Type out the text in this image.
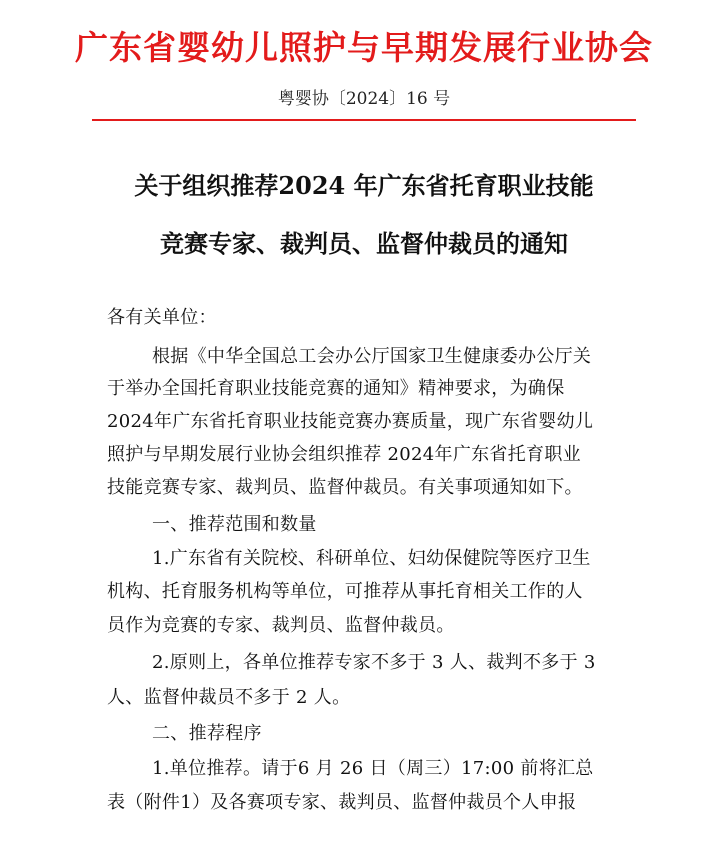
广东省婴幼儿照护与早期发展行业协会
粤婴协〔2024〕16 号
关于组织推荐2024 年广东省托育职业技能
竞赛专家、裁判员、监督仲裁员的通知
各有关单位：
根据《中华全国总工会办公厅国家卫生健康委办公厅关
于举办全国托育职业技能竞赛的通知》精神要求，为确保
2024年广东省托育职业技能竞赛办赛质量，现广东省婴幼儿
照护与早期发展行业协会组织推荐 2024年广东省托育职业
技能竞赛专家、裁判员、监督仲裁员。有关事项通知如下。
一、推荐范围和数量
1.广东省有关院校、科研单位、妇幼保健院等医疗卫生
机构、托育服务机构等单位，可推荐从事托育相关工作的人
员作为竞赛的专家、裁判员、监督仲裁员。
2.原则上，各单位推荐专家不多于 3 人、裁判不多于 3
人、监督仲裁员不多于 2 人。
二、推荐程序
1.单位推荐。请于6 月 26 日（周三）17:00 前将汇总
表（附件1）及各赛项专家、裁判员、监督仲裁员个人申报
